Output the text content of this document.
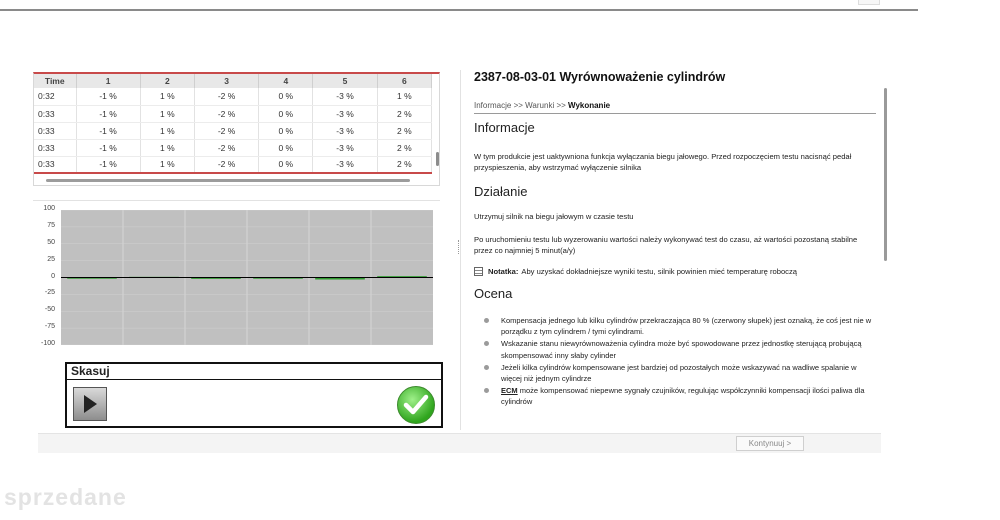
Time	1	2	3	4	5	6
0:32	-1 %	1 %	-2 %	0 %	-3 %	1 %
0:33	-1 %	1 %	-2 %	0 %	-3 %	2 %
0:33	-1 %	1 %	-2 %	0 %	-3 %	2 %
0:33	-1 %	1 %	-2 %	0 %	-3 %	2 %
0:33	-1 %	1 %	-2 %	0 %	-3 %	2 %
100
75
50
25
0
-25
-50
-75
-100
Skasuj
2387-08-03-01 Wyrównoważenie cylindrów
Informacje >> Warunki >> Wykonanie
Informacje
W tym produkcie jest uaktywniona funkcja wyłączania biegu jałowego. Przed rozpoczęciem testu nacisnąć pedał przyspieszenia, aby wstrzymać wyłączenie silnika
Działanie
Utrzymuj silnik na biegu jałowym w czasie testu
Po uruchomieniu testu lub wyzerowaniu wartości należy wykonywać test do czasu, aż wartości pozostaną stabilne przez co najmniej 5 minut(a/y)
Notatka: Aby uzyskać dokładniejsze wyniki testu, silnik powinien mieć temperaturę roboczą
Ocena
Kompensacja jednego lub kilku cylindrów przekraczająca 80 % (czerwony słupek) jest oznaką, że coś jest nie w porządku z tym cylindrem / tymi cylindrami.
Wskazanie stanu niewyrównoważenia cylindra może być spowodowane przez jednostkę sterującą probującą skompensować inny słaby cylinder
Jeżeli kilka cylindrów kompensowane jest bardziej od pozostałych może wskazywać na wadliwe spalanie w więcej niż jednym cylindrze
ECM może kompensować niepewne sygnały czujników, regulując współczynniki kompensacji ilości paliwa dla cylindrów
Kontynuuj >
sprzedane
